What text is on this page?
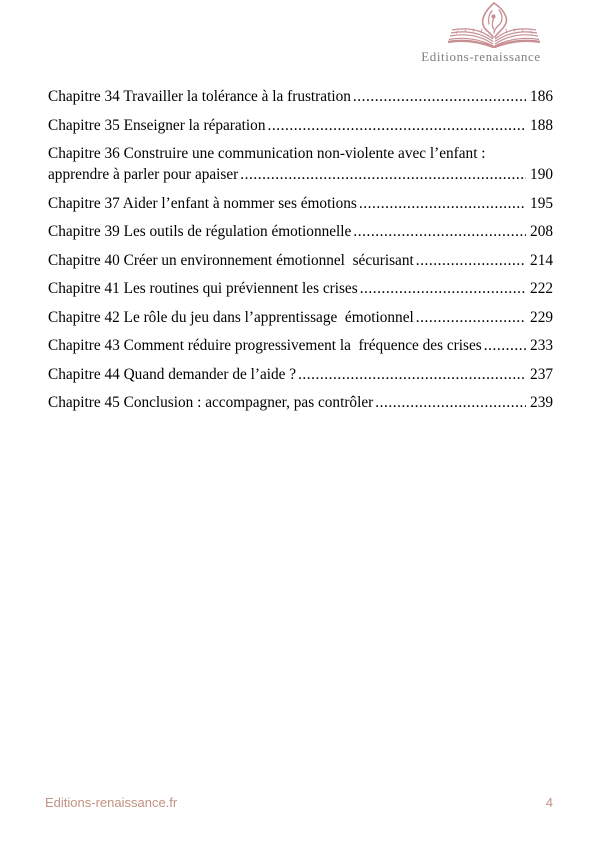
Editions-renaissance
Chapitre 34 Travailler la tolérance à la frustration .....	186
Chapitre 35 Enseigner la réparation .....	188
Chapitre 36 Construire une communication non-violente avec l’enfant :
apprendre à parler pour apaiser .....	190
Chapitre 37 Aider l’enfant à nommer ses émotions .....	195
Chapitre 39 Les outils de régulation émotionnelle .....	208
Chapitre 40 Créer un environnement émotionnel  sécurisant .....	214
Chapitre 41 Les routines qui préviennent les crises .....	222
Chapitre 42 Le rôle du jeu dans l’apprentissage  émotionnel .....	229
Chapitre 43 Comment réduire progressivement la  fréquence des crises .....	233
Chapitre 44 Quand demander de l’aide ? .....	237
Chapitre 45 Conclusion : accompagner, pas contrôler .....	239
Editions-renaissance.fr	4
